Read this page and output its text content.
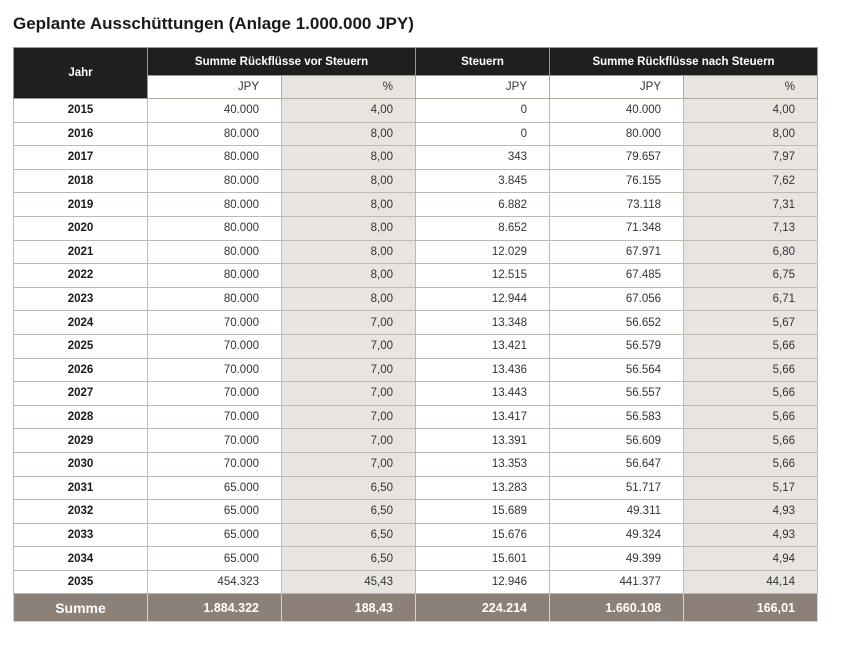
Geplante Ausschüttungen (Anlage 1.000.000 JPY)
Jahr	Summe Rückflüsse vor Steuern		Steuern	Summe Rückflüsse nach Steuern	
	JPY	%	JPY	JPY	%
2015	40.000	4,00	0	40.000	4,00
2016	80.000	8,00	0	80.000	8,00
2017	80.000	8,00	343	79.657	7,97
2018	80.000	8,00	3.845	76.155	7,62
2019	80.000	8,00	6.882	73.118	7,31
2020	80.000	8,00	8.652	71.348	7,13
2021	80.000	8,00	12.029	67.971	6,80
2022	80.000	8,00	12.515	67.485	6,75
2023	80.000	8,00	12.944	67.056	6,71
2024	70.000	7,00	13.348	56.652	5,67
2025	70.000	7,00	13.421	56.579	5,66
2026	70.000	7,00	13.436	56.564	5,66
2027	70.000	7,00	13.443	56.557	5,66
2028	70.000	7,00	13.417	56.583	5,66
2029	70.000	7,00	13.391	56.609	5,66
2030	70.000	7,00	13.353	56.647	5,66
2031	65.000	6,50	13.283	51.717	5,17
2032	65.000	6,50	15.689	49.311	4,93
2033	65.000	6,50	15.676	49.324	4,93
2034	65.000	6,50	15.601	49.399	4,94
2035	454.323	45,43	12.946	441.377	44,14
Summe	1.884.322	188,43	224.214	1.660.108	166,01
